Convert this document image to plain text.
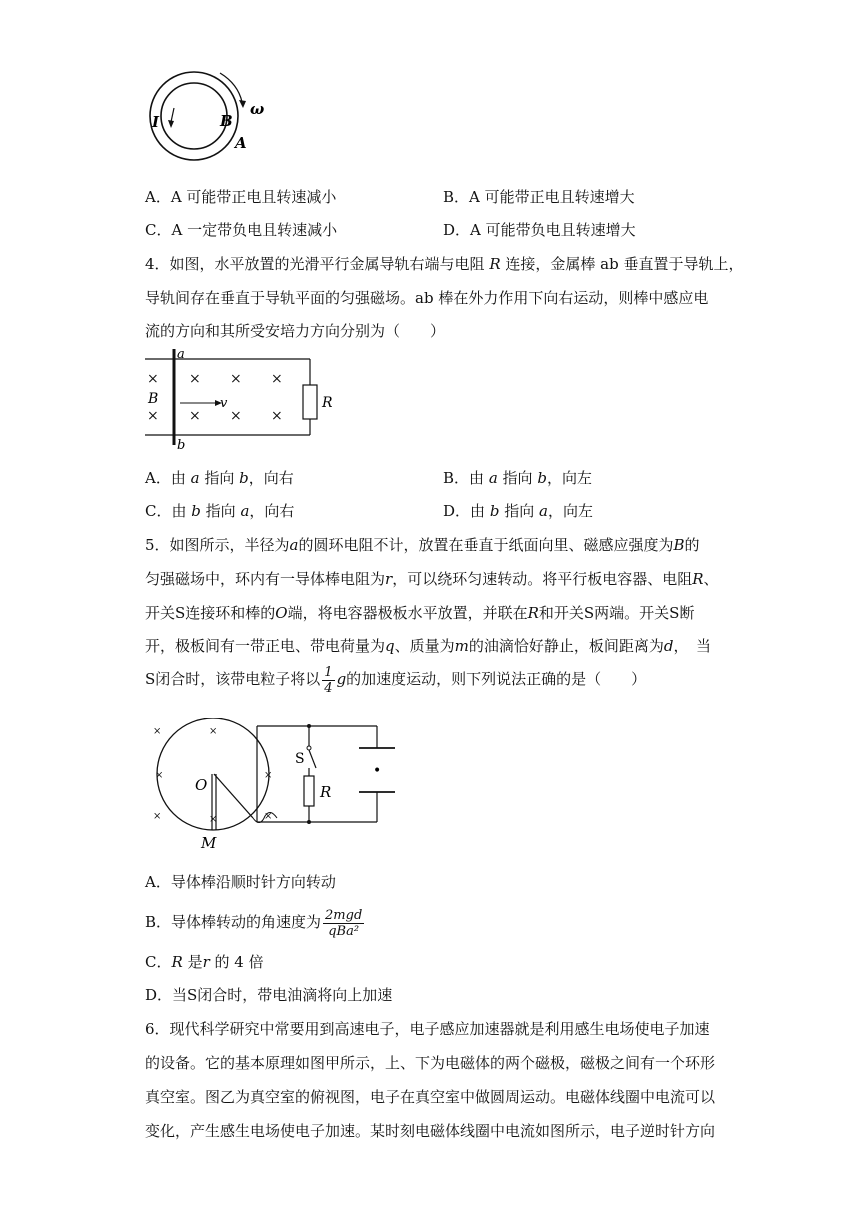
I	B
A
ω
A．A 可能带正电且转速减小	B．A 可能带正电且转速增大
C．A 一定带负电且转速减小	D．A 可能带负电且转速增大
4．如图，水平放置的光滑平行金属导轨右端与电阻 R 连接，金属棒 ab 垂直置于导轨上，
导轨间存在垂直于导轨平面的匀强磁场。ab 棒在外力作用下向右运动，则棒中感应电
流的方向和其所受安培力方向分别为（　　）
a
b
B	R
× × × ×
× × × ×
v
A．由 a 指向 b，向右	B．由 a 指向 b，向左
C．由 b 指向 a，向右	D．由 b 指向 a，向左
5．如图所示，半径为a的圆环电阻不计，放置在垂直于纸面向里、磁感应强度为B的
匀强磁场中，环内有一导体棒电阻为r，可以绕环匀速转动。将平行板电容器、电阻R、
开关S连接环和棒的O端，将电容器极板水平放置，并联在R和开关S两端。开关S断
开，极板间有一带正电、带电荷量为q、质量为m的油滴恰好静止，板间距离为d，　当
S闭合时，该带电粒子将以 $\frac{1}{4}$ g的加速度运动，则下列说法正确的是（　　）
×	×
×	×
×	×	×
O
M
S
R
•
A．导体棒沿顺时针方向转动
B．导体棒转动的角速度为 $\frac{\text{2mgd}}{\text{qBa²}}$
C．R 是r 的 4 倍
D．当S闭合时，带电油滴将向上加速
6．现代科学研究中常要用到高速电子，电子感应加速器就是利用感生电场使电子加速
的设备。它的基本原理如图甲所示，上、下为电磁体的两个磁极，磁极之间有一个环形
真空室。图乙为真空室的俯视图，电子在真空室中做圆周运动。电磁体线圈中电流可以
变化，产生感生电场使电子加速。某时刻电磁体线圈中电流如图所示，电子逆时针方向
